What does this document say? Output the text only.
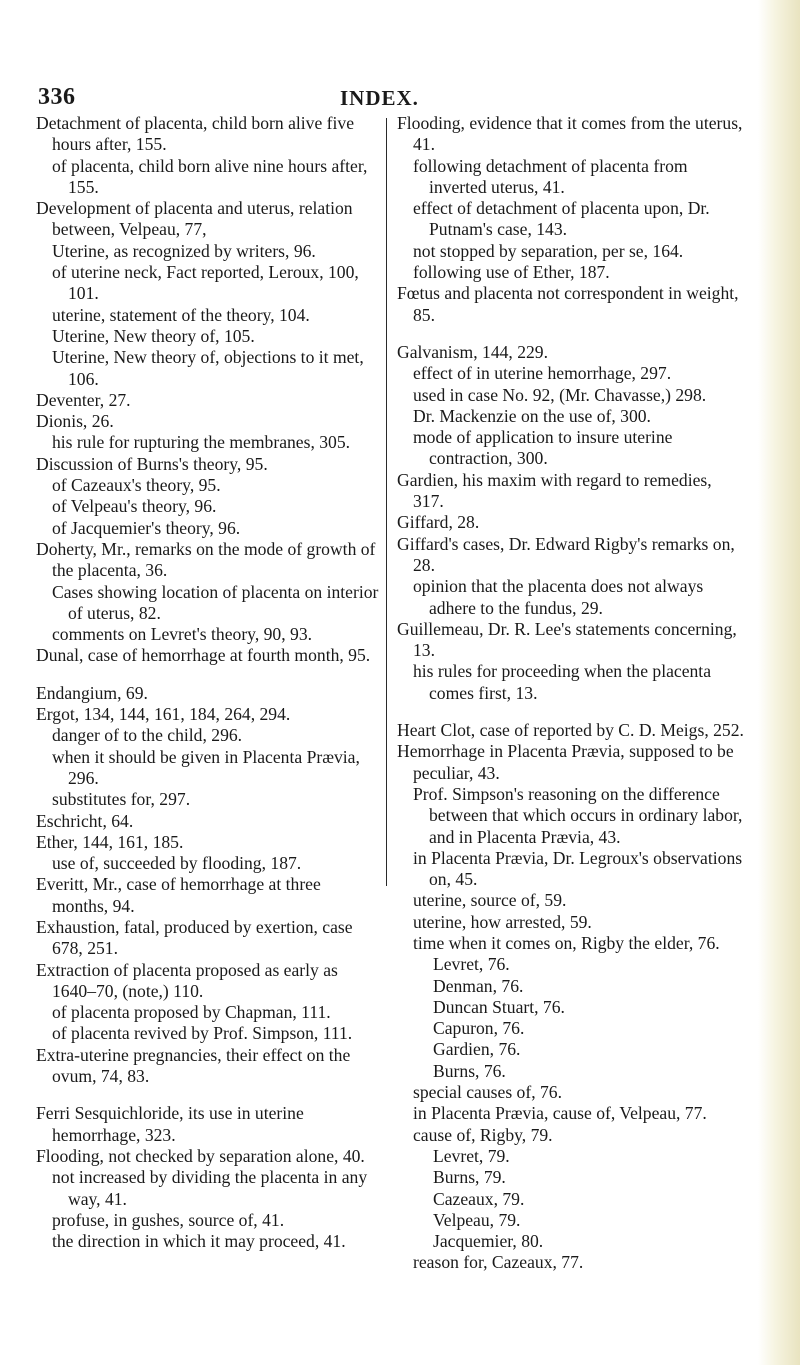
336	INDEX.

Detachment of placenta, child born alive five hours after, 155.

of placenta, child born alive nine hours after, 155.

Development of placenta and uterus, relation between, Velpeau, 77,

Uterine, as recognized by writers, 96.

of uterine neck, Fact reported, Leroux, 100, 101.

uterine, statement of the theory, 104.

Uterine, New theory of, 105.

Uterine, New theory of, objections to it met, 106.

Deventer, 27.

Dionis, 26.

his rule for rupturing the membranes, 305.

Discussion of Burns's theory, 95.

of Cazeaux's theory, 95.

of Velpeau's theory, 96.

of Jacquemier's theory, 96.

Doherty, Mr., remarks on the mode of growth of the placenta, 36.

Cases showing location of placenta on interior of uterus, 82.

comments on Levret's theory, 90, 93.

Dunal, case of hemorrhage at fourth month, 95.

Endangium, 69.

Ergot, 134, 144, 161, 184, 264, 294.

danger of to the child, 296.

when it should be given in Placenta Prævia, 296.

substitutes for, 297.

Eschricht, 64.

Ether, 144, 161, 185.

use of, succeeded by flooding, 187.

Everitt, Mr., case of hemorrhage at three months, 94.

Exhaustion, fatal, produced by exertion, case 678, 251.

Extraction of placenta proposed as early as 1640–70, (note,) 110.

of placenta proposed by Chapman, 111.

of placenta revived by Prof. Simpson, 111.

Extra-uterine pregnancies, their effect on the ovum, 74, 83.

Ferri Sesquichloride, its use in uterine hemorrhage, 323.

Flooding, not checked by separation alone, 40.

not increased by dividing the placenta in any way, 41.

profuse, in gushes, source of, 41.

the direction in which it may proceed, 41.

Flooding, evidence that it comes from the uterus, 41.

following detachment of placenta from inverted uterus, 41.

effect of detachment of placenta upon, Dr. Putnam's case, 143.

not stopped by separation, per se, 164.

following use of Ether, 187.

Fœtus and placenta not correspondent in weight, 85.

Galvanism, 144, 229.

effect of in uterine hemorrhage, 297.

used in case No. 92, (Mr. Chavasse,) 298.

Dr. Mackenzie on the use of, 300.

mode of application to insure uterine contraction, 300.

Gardien, his maxim with regard to remedies, 317.

Giffard, 28.

Giffard's cases, Dr. Edward Rigby's remarks on, 28.

opinion that the placenta does not always adhere to the fundus, 29.

Guillemeau, Dr. R. Lee's statements concerning, 13.

his rules for proceeding when the placenta comes first, 13.

Heart Clot, case of reported by C. D. Meigs, 252.

Hemorrhage in Placenta Prævia, supposed to be peculiar, 43.

Prof. Simpson's reasoning on the difference between that which occurs in ordinary labor, and in Placenta Prævia, 43.

in Placenta Prævia, Dr. Legroux's observations on, 45.

uterine, source of, 59.

uterine, how arrested, 59.

time when it comes on, Rigby the elder, 76.

Levret, 76.

Denman, 76.

Duncan Stuart, 76.

Capuron, 76.

Gardien, 76.

Burns, 76.

special causes of, 76.

in Placenta Prævia, cause of, Velpeau, 77.

cause of, Rigby, 79.

Levret, 79.

Burns, 79.

Cazeaux, 79.

Velpeau, 79.

Jacquemier, 80.

reason for, Cazeaux, 77.
